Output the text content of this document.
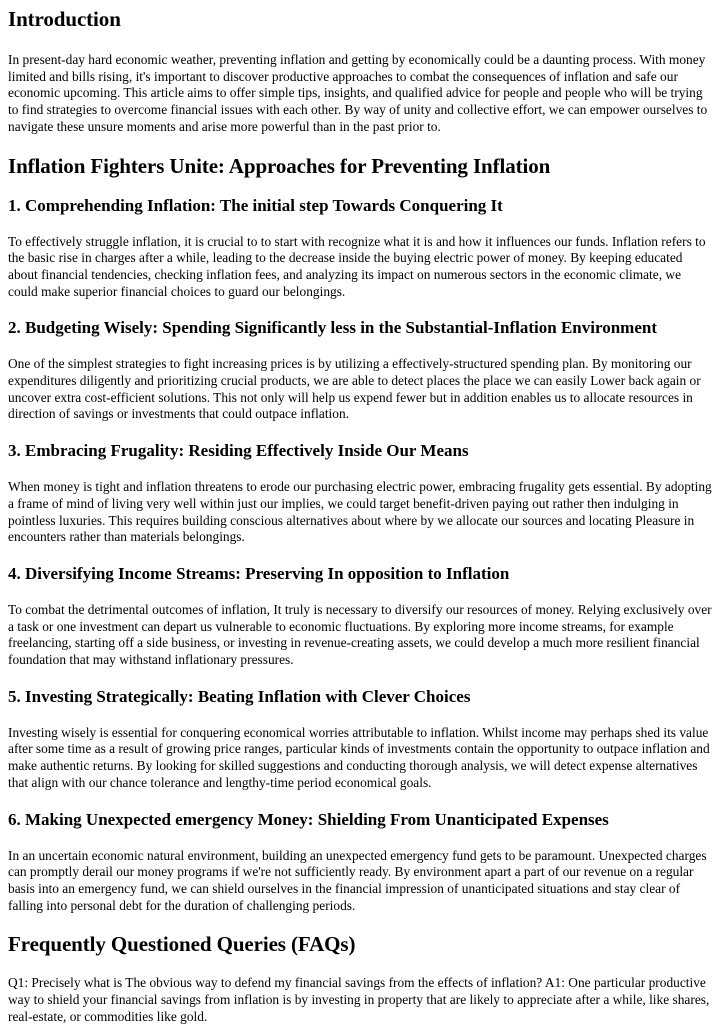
Introduction

In present-day hard economic weather, preventing inflation and getting by economically could be a daunting process. With money limited and bills rising, it's important to discover productive approaches to combat the consequences of inflation and safe our economic upcoming. This article aims to offer simple tips, insights, and qualified advice for people and people who will be trying to find strategies to overcome financial issues with each other. By way of unity and collective effort, we can empower ourselves to navigate these unsure moments and arise more powerful than in the past prior to.

Inflation Fighters Unite: Approaches for Preventing Inflation
1. Comprehending Inflation: The initial step Towards Conquering It

To effectively struggle inflation, it is crucial to to start with recognize what it is and how it influences our funds. Inflation refers to the basic rise in charges after a while, leading to the decrease inside the buying electric power of money. By keeping educated about financial tendencies, checking inflation fees, and analyzing its impact on numerous sectors in the economic climate, we could make superior financial choices to guard our belongings.

2. Budgeting Wisely: Spending Significantly less in the Substantial-Inflation Environment

One of the simplest strategies to fight increasing prices is by utilizing a effectively-structured spending plan. By monitoring our expenditures diligently and prioritizing crucial products, we are able to detect places the place we can easily Lower back again or uncover extra cost-efficient solutions. This not only will help us expend fewer but in addition enables us to allocate resources in direction of savings or investments that could outpace inflation.

3. Embracing Frugality: Residing Effectively Inside Our Means

When money is tight and inflation threatens to erode our purchasing electric power, embracing frugality gets essential. By adopting a frame of mind of living very well within just our implies, we could target benefit-driven paying out rather then indulging in pointless luxuries. This requires building conscious alternatives about where by we allocate our sources and locating Pleasure in encounters rather than materials belongings.

4. Diversifying Income Streams: Preserving In opposition to Inflation

To combat the detrimental outcomes of inflation, It truly is necessary to diversify our resources of money. Relying exclusively over a task or one investment can depart us vulnerable to economic fluctuations. By exploring more income streams, for example freelancing, starting off a side business, or investing in revenue-creating assets, we could develop a much more resilient financial foundation that may withstand inflationary pressures.

5. Investing Strategically: Beating Inflation with Clever Choices

Investing wisely is essential for conquering economical worries attributable to inflation. Whilst income may perhaps shed its value after some time as a result of growing price ranges, particular kinds of investments contain the opportunity to outpace inflation and make authentic returns. By looking for skilled suggestions and conducting thorough analysis, we will detect expense alternatives that align with our chance tolerance and lengthy-time period economical goals.

6. Making Unexpected emergency Money: Shielding From Unanticipated Expenses

In an uncertain economic natural environment, building an unexpected emergency fund gets to be paramount. Unexpected charges can promptly derail our money programs if we're not sufficiently ready. By environment apart a part of our revenue on a regular basis into an emergency fund, we can shield ourselves in the financial impression of unanticipated situations and stay clear of falling into personal debt for the duration of challenging periods.

Frequently Questioned Queries (FAQs)

Q1: Precisely what is The obvious way to defend my financial savings from the effects of inflation? A1: One particular productive way to shield your financial savings from inflation is by investing in property that are likely to appreciate after a while, like shares, real-estate, or commodities like gold.
